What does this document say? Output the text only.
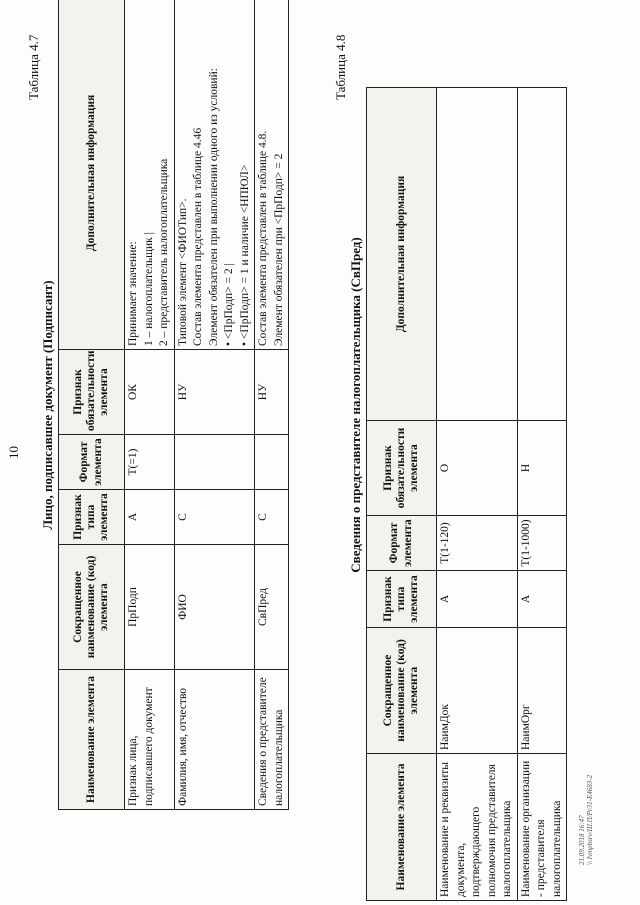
10
Таблица 4.7
Лицо, подписавшее документ (Подписант)
Наименование элемента	Сокращенное наименование (код) элемента	Признак типа элемента	Формат элемента	Признак обязательности элемента	Дополнительная информация
Признак лица, подписавшего документ	ПрПодп	А	Т(=1)	ОК	Принимает значение:
1 – налогоплательщик |
2 – представитель налогоплательщика
Фамилия, имя, отчество	ФИО	С		НУ	Типовой элемент <ФИОТип>.
Состав элемента представлен в таблице 4.46
Элемент обязателен при выполнении одного из условий:
• <ПрПодп> = 2 |
• <ПрПодп> = 1 и наличие <НПЮЛ>
Сведения о представителе налогоплательщика	СвПред	С		НУ	Состав элемента представлен в таблице 4.8.
Элемент обязателен при <ПрПодп> = 2
Таблица 4.8
Сведения о представителе налогоплательщика (СвПред)
Наименование элемента	Сокращенное наименование (код) элемента	Признак типа элемента	Формат элемента	Признак обязательности элемента	Дополнительная информация
Наименование и реквизиты документа, подтверждающего полномочия представителя налогоплательщика	НаимДок	А	Т(1-120)	О	
Наименование организации - представителя налогоплательщика	НаимОрг	А	Т(1-1000)	Н	
21.09.2018 16:47 \\ Ivmpbsrv/Ш.П/Pr31-E4683-2
